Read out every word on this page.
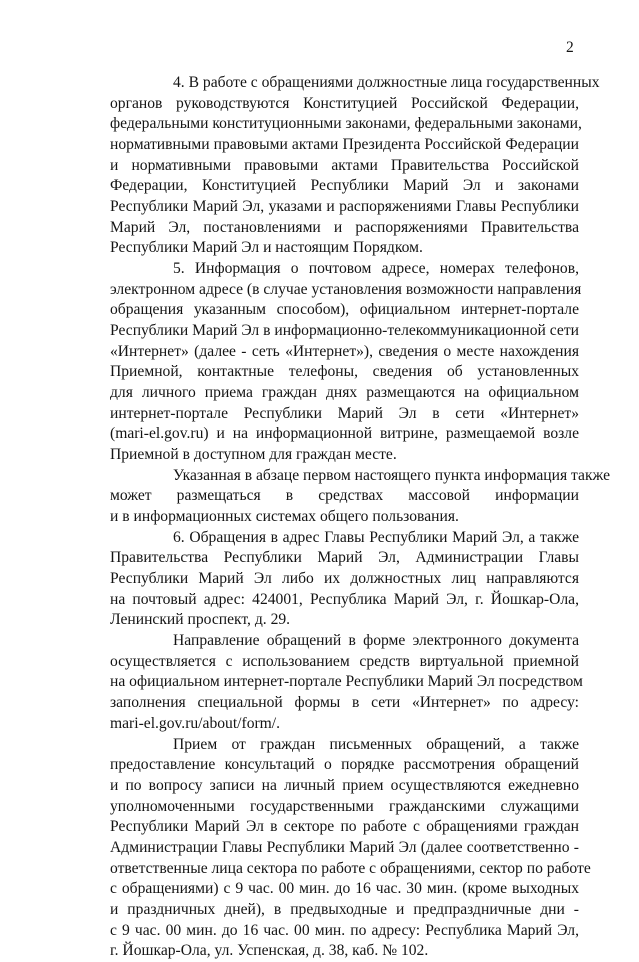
2
4. В работе с обращениями должностные лица государственных
органов руководствуются Конституцией Российской Федерации,
федеральными конституционными законами, федеральными законами,
нормативными правовыми актами Президента Российской Федерации
и нормативными правовыми актами Правительства Российской
Федерации, Конституцией Республики Марий Эл и законами
Республики Марий Эл, указами и распоряжениями Главы Республики
Марий Эл, постановлениями и распоряжениями Правительства
Республики Марий Эл и настоящим Порядком.
5. Информация о почтовом адресе, номерах телефонов,
электронном адресе (в случае установления возможности направления
обращения указанным способом), официальном интернет-портале
Республики Марий Эл в информационно-телекоммуникационной сети
«Интернет» (далее - сеть «Интернет»), сведения о месте нахождения
Приемной, контактные телефоны, сведения об установленных
для личного приема граждан днях размещаются на официальном
интернет-портале Республики Марий Эл в сети «Интернет»
(mari-el.gov.ru) и на информационной витрине, размещаемой возле
Приемной в доступном для граждан месте.
Указанная в абзаце первом настоящего пункта информация также
может размещаться в средствах массовой информации
и в информационных системах общего пользования.
6. Обращения в адрес Главы Республики Марий Эл, а также
Правительства Республики Марий Эл, Администрации Главы
Республики Марий Эл либо их должностных лиц направляются
на почтовый адрес: 424001, Республика Марий Эл, г. Йошкар-Ола,
Ленинский проспект, д. 29.
Направление обращений в форме электронного документа
осуществляется с использованием средств виртуальной приемной
на официальном интернет-портале Республики Марий Эл посредством
заполнения специальной формы в сети «Интернет» по адресу:
mari-el.gov.ru/about/form/.
Прием от граждан письменных обращений, а также
предоставление консультаций о порядке рассмотрения обращений
и по вопросу записи на личный прием осуществляются ежедневно
уполномоченными государственными гражданскими служащими
Республики Марий Эл в секторе по работе с обращениями граждан
Администрации Главы Республики Марий Эл (далее соответственно -
ответственные лица сектора по работе с обращениями, сектор по работе
с обращениями) с 9 час. 00 мин. до 16 час. 30 мин. (кроме выходных
и праздничных дней), в предвыходные и предпраздничные дни -
с 9 час. 00 мин. до 16 час. 00 мин. по адресу: Республика Марий Эл,
г. Йошкар-Ола, ул. Успенская, д. 38, каб. № 102.
